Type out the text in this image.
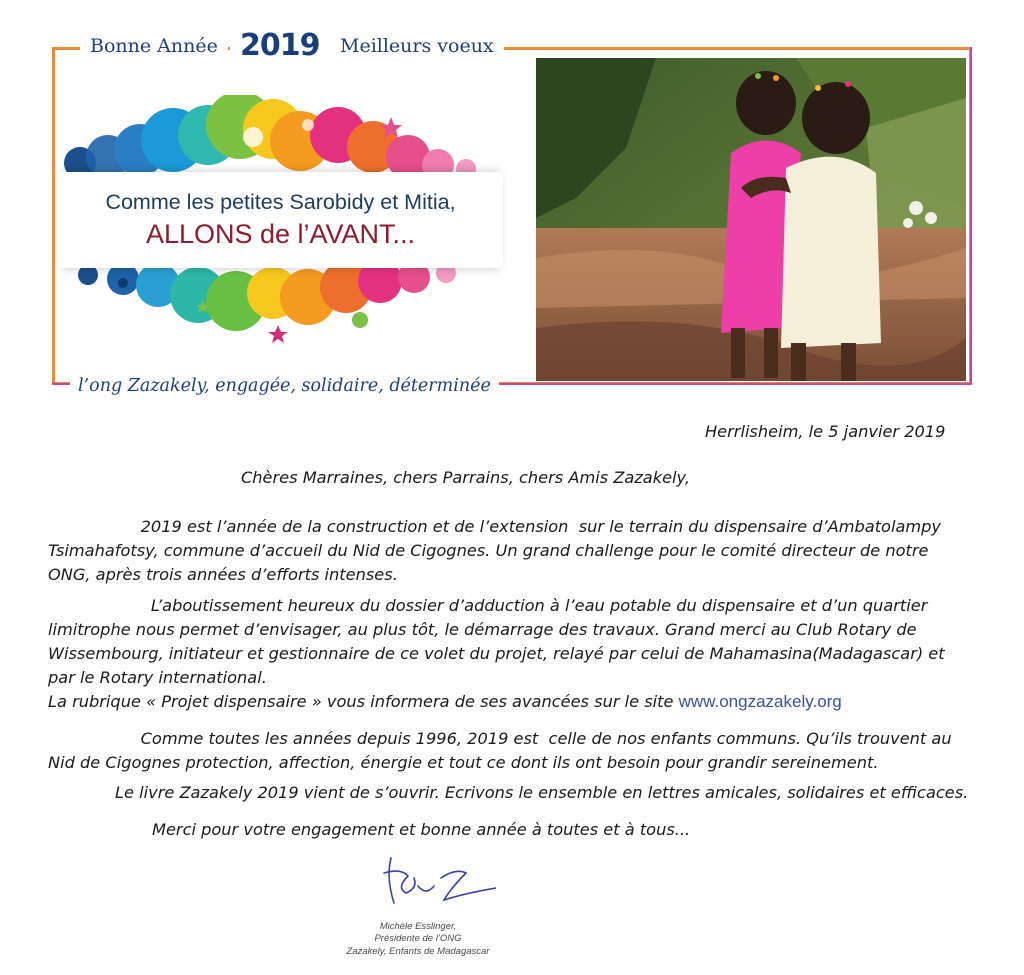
Bonne Année 2019	Meilleurs voeux
Comme les petites Sarobidy et Mitia,
ALLONS de l’AVANT...
l’ong Zazakely, engagée, solidaire, déterminée

Herrlisheim, le 5 janvier 2019

Chères Marraines, chers Parrains, chers Amis Zazakely,

2019 est l’année de la construction et de l’extension  sur le terrain du dispensaire d’Ambatolampy
Tsimahafotsy, commune d’accueil du Nid de Cigognes. Un grand challenge pour le comité directeur de notre
ONG, après trois années d’efforts intenses.

L’aboutissement heureux du dossier d’adduction à l’eau potable du dispensaire et d’un quartier
limitrophe nous permet d’envisager, au plus tôt, le démarrage des travaux. Grand merci au Club Rotary de
Wissembourg, initiateur et gestionnaire de ce volet du projet, relayé par celui de Mahamasina(Madagascar) et
par le Rotary international.
La rubrique « Projet dispensaire » vous informera de ses avancées sur le site www.ongzazakely.org

Comme toutes les années depuis 1996, 2019 est  celle de nos enfants communs. Qu’ils trouvent au
Nid de Cigognes protection, affection, énergie et tout ce dont ils ont besoin pour grandir sereinement.

Le livre Zazakely 2019 vient de s’ouvrir. Ecrivons le ensemble en lettres amicales, solidaires et efficaces.

Merci pour votre engagement et bonne année à toutes et à tous...

Michèle Esslinger,
Présidente de l’ONG
Zazakely, Enfants de Madagascar
